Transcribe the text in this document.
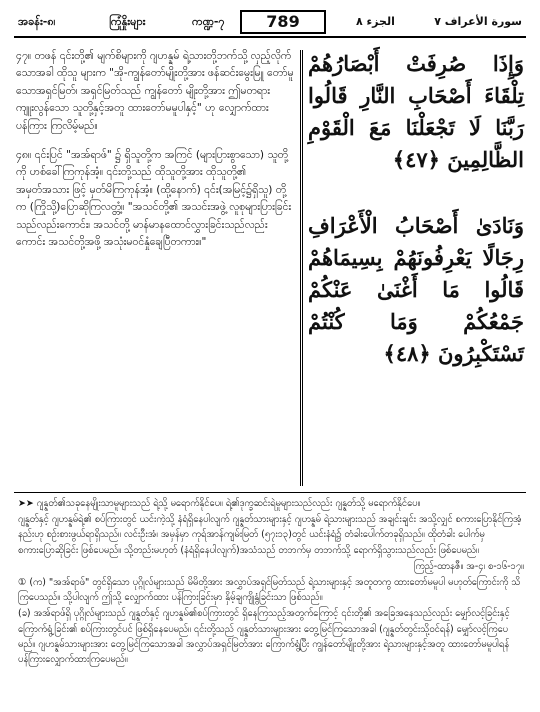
အခန်း-၈၊	ကြုံနှိုးများ	ကဏ္ဍ-၇	789	الجزء ٨	سورة الأعراف ٧

၄၇။ တဖန် ၎င်းတို့၏ မျက်စိများကို ဂျဟန္နမ် ရဲ့သားတို့ဘက်သို့ လှည့်လိုက်သောအခါ ထိုသူ များက "အို-ကျွန်တော်မျိုးတို့အား ဖန်ဆင်းမွေးမြူ တော်မူသောအရှင်မြတ်၊ အရှင်မြတ်သည် ကျွန်တော် မျိုးတို့အား ဤမတရားကျူးလွန်သော သူတို့နှင့်အတူ ထားတော်မမူပါနှင့်" ဟု လျှောက်ထား ပန်ကြား ကြလိမ့်မည်။

၄၈။ ၎င်းပြင် "အအ်ရာဖ်" ၌ ရှိသူတို့က အကြင် (များပြားစွာသော) သူတို့ကို ဟစ်ခေါ်ကြကုန်အံ့။ ၎င်းတို့သည် ထိုသူတို့အား ထိုသူတို့၏ အမှတ်အသား ဖြင့် မှတ်မိကြကုန်အံ့။ (ထို့နောက်) ၎င်း(အမြင့်၌ရှိသူ) တို့က (ကြိုသို့)ပြောဆိုကြလတ္တံ့။ "အသင်တို့၏ အသင်းအဖွဲ့ လူစုများပြားခြင်းသည်လည်းကောင်း၊ အသင်တို့ မာန်မာနထောင်လွှားခြင်းသည်လည်း ကောင်း အသင်တို့အဖို့ အသုံးမဝင်နှုံချေပြီတကား။"

وَإِذَا صُرِفَتْ أَبْصَارُهُمْ تِلْقَاءَ أَصْحَابِ النَّارِ قَالُوا رَبَّنَا لَا تَجْعَلْنَا مَعَ الْقَوْمِ الظَّالِمِينَ ﴿٤٧﴾

وَنَادَىٰ أَصْحَابُ الْأَعْرَافِ رِجَالًا يَعْرِفُونَهُمْ بِسِيمَاهُمْ قَالُوا مَا أَغْنَىٰ عَنْكُمْ جَمْعُكُمْ وَمَا كُنْتُمْ تَسْتَكْبِرُونَ ﴿٤٨﴾

➤➤ ဂျန္နတ်၏သခုနေမျိုးသာမူများသည် ရဲ့သို့ မရောက်နိုင်ပေ။ ရဲ့၏ဒုက္ခဆင်းရဲမှုများသည်လည်း ဂျန္နတ်သို့ မရောက်နိုင်ပေ။

ဂျန္နတ်နှင့် ဂျဟန္နမ်ရဲ့၏ စပ်ကြားတွင် ယင်းကဲ့သို့ နံရံရှိနေပါလျက် ဂျန္နတ်သားများနှင့် ဂျဟန္နမ် ရဲ့သားများသည် အချင်းချင်း အသို့လျှင် စကားပြောနိုင်ကြအံ့နည်းဟု စဉ်းစားဖွယ်ရာရှိသည်။ လင်းဦးအံ၊ အမှန်မှာ ကုရ်အာန်ကျမ်းမြတ် (၅၇း၁၃)တွင် ယင်းနံရံ၌ တံခါးပေါက်တခုရှိသည်။ ထိုတံခါး ပေါက်မှ စကားပြောဆိုခြင်း ဖြစ်ပေမည်။ သို့တည်းမဟုတ် (နံရံရှိနေပါလျက်)အသံသည် တဘက်မှ တဘက်သို့ ရောက်ရှိသွားသည်လည်း ဖြစ်ပေမည်။

ကြည့်-ထာနဇီ။ အ-၄၊ စ-၁၆-၁၇။

① (က) "အအ်ရာဖ်" တွင်ရှိသော ပုဂ္ဂိုလ်များသည် မိမိတို့အား အလွှာပ်အရှင်မြတ်သည် ရဲ့သားများနှင့် အတူတကွ ထားတော်မမူပါ မဟုတ်ကြောင်းကို သိကြပေသည်။ သို့ပါလျက် ဤသို့ လျှောက်ထား ပန်ကြားခြင်းမှာ နှိမ့်ချကျိုနွံခြင်းသာ ဖြစ်သည်။

(ခ) အအ်ရာဖ်ရှိ ပုဂ္ဂိုလ်များသည် ဂျန္နတ်နှင့် ဂျဟန္နမ်၏စပ်ကြားတွင် ရှိနေကြသည့်အတွက်ကြောင့် ၎င်းတို့၏ အခြေအနေသည်လည်း မျှော်လင့်ခြင်းနှင့် ကြောက်ရွံ့ခြင်း၏ စပ်ကြားတွင်ပင် ဖြစ်ရှိနေပေမည်။ ၎င်းတို့သည် ဂျန္နတ်သားများအား တွေ့မြင်ကြသောအခါ (ဂျန္နတ်တွင်းသို့ဝင်ရန်) မျှော်လင့်ကြပေမည်။ ဂျဟန္နမ်သားများအား တွေ့မြင်ကြသောအခါ အလွှာပ်အရှင်မြတ်အား ကြောက်ရွံ့ပြီး ကျွန်တော်မျိုးတို့အား ရဲ့သားများနှင့်အတူ ထားတော်မမူပါရန် ပန်ကြားလျှောက်ထားကြပေမည်။
